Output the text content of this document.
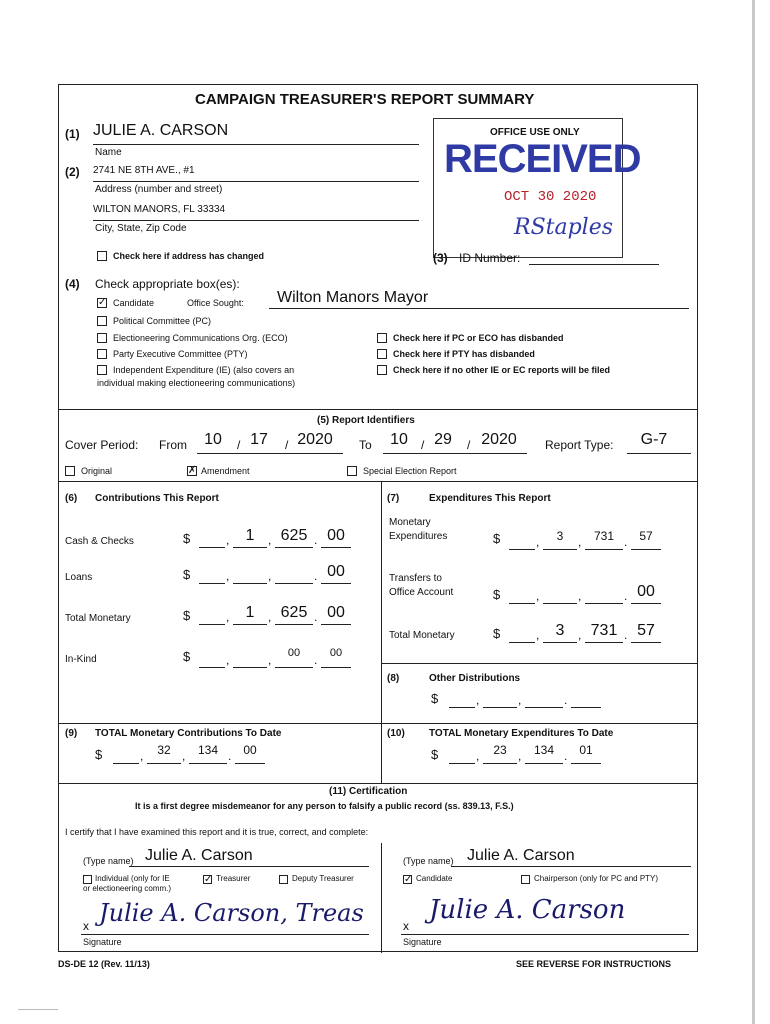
CAMPAIGN TREASURER'S REPORT SUMMARY
(1) JULIE A. CARSON
Name
(2) 2741 NE 8TH AVE., #1
Address (number and street)
WILTON MANORS, FL 33334
City, State, Zip Code
Check here if address has changed
OFFICE USE ONLY
RECEIVED
OCT 30 2020
RStaples
(3) ID Number:
(4) Check appropriate box(es):
✓ Candidate	Office Sought: Wilton Manors Mayor
Political Committee (PC)
Electioneering Communications Org. (ECO)
Party Executive Committee (PTY)
Independent Expenditure (IE) (also covers an
individual making electioneering communications)
Check here if PC or ECO has disbanded
Check here if PTY has disbanded
Check here if no other IE or EC reports will be filed
(5) Report Identifiers
Cover Period: From	10	/ 17	/ 2020	To	10	/ 29	/ 2020	Report Type:	G-7
Original	✗ Amendment	Special Election Report
(6) Contributions This Report
Cash & Checks	$	,	1	, 625 . 00
Loans	$	,	,	. 00
Total Monetary	$	,	1	, 625 . 00
In-Kind	$	,	,	00	.	00
(7)	Expenditures This Report
Monetary
Expenditures	$	,	3	,	731 . 57
Transfers to
Office Account	$	,	,	. 00
Total Monetary	$	,	3	, 731 . 57
(8)	Other Distributions
$	,	,	.
(9) TOTAL Monetary Contributions To Date
$	,	32 ,	134 . 00
(10) TOTAL Monetary Expenditures To Date
$	,	23 ,	134 . 01
(11) Certification
It is a first degree misdemeanor for any person to falsify a public record (ss. 839.13, F.S.)
I certify that I have examined this report and it is true, correct, and complete:
(Type name) Julie A. Carson
Individual (only for IE
or electioneering comm.)
✓ Treasurer	Deputy Treasurer
x Julie A. Carson, Treas
Signature
(Type name) Julie A. Carson
✓ Candidate	Chairperson (only for PC and PTY)
x
Julie A. Carson
Signature
DS-DE 12 (Rev. 11/13)	SEE REVERSE FOR INSTRUCTIONS
